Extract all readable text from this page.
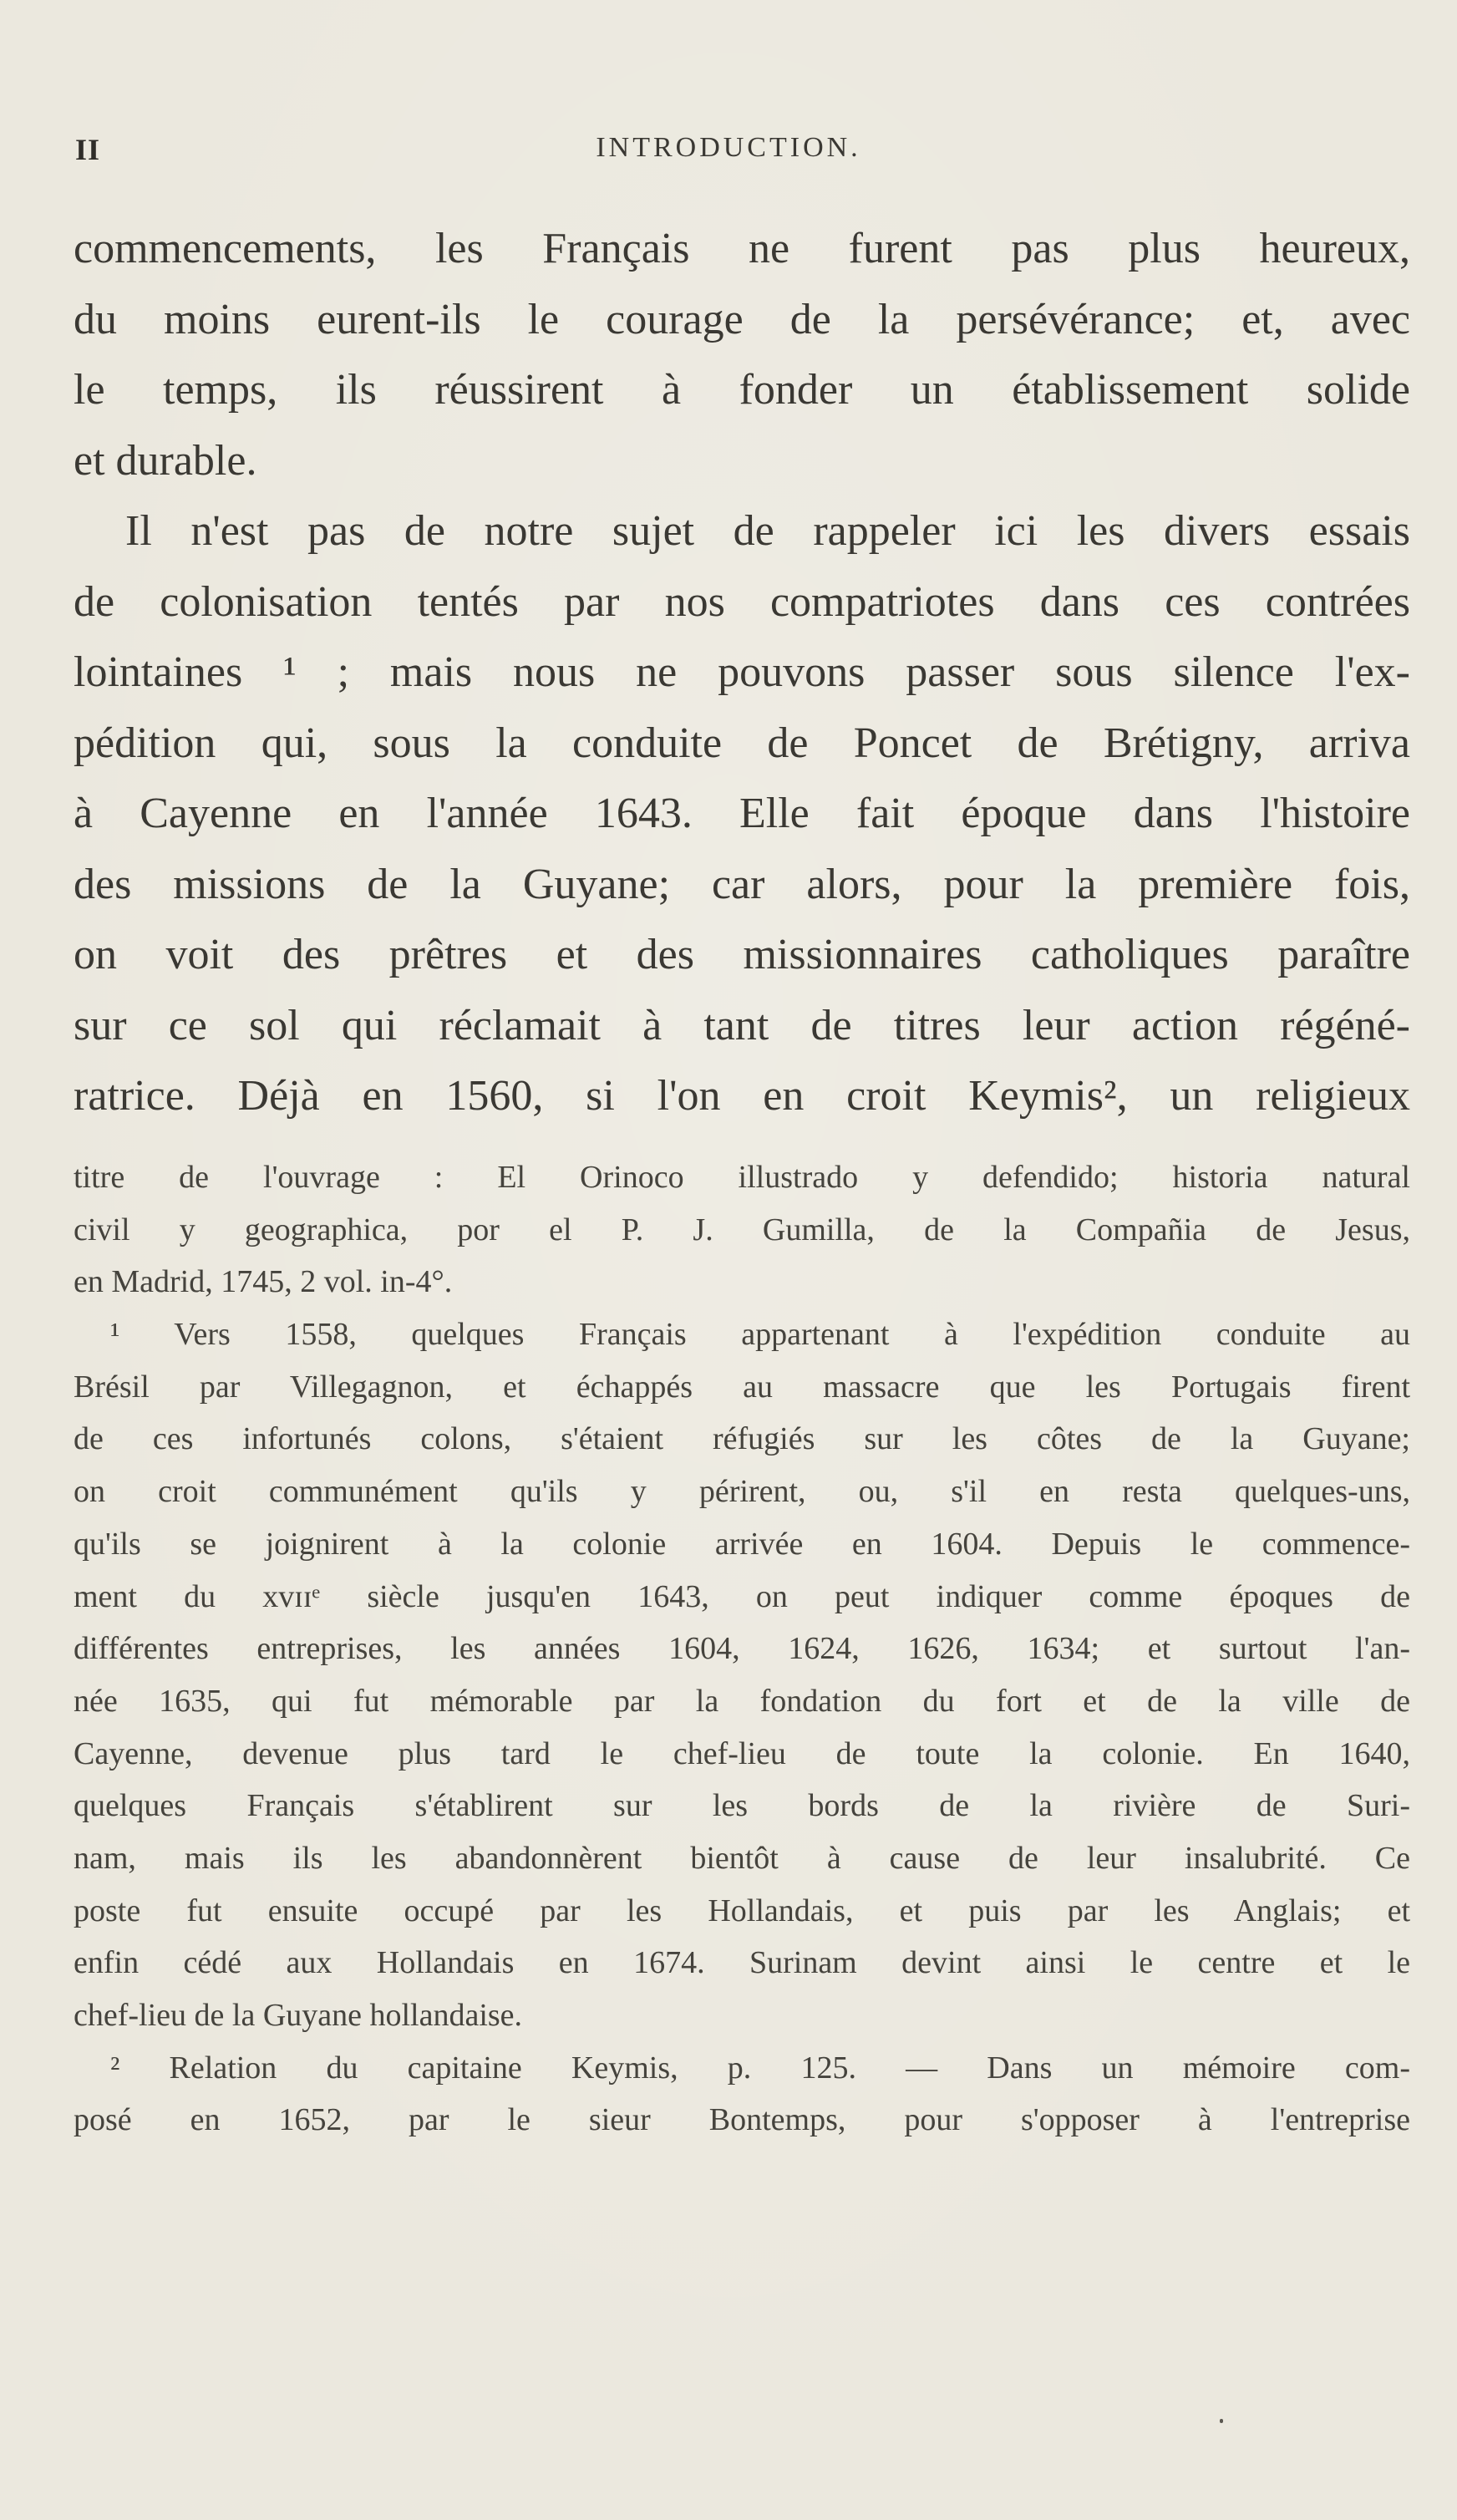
II	INTRODUCTION.
commencements, les Français ne furent pas plus heureux,
du moins eurent-ils le courage de la persévérance; et, avec
le temps, ils réussirent à fonder un établissement solide
et durable.
Il n'est pas de notre sujet de rappeler ici les divers essais
de colonisation tentés par nos compatriotes dans ces contrées
lointaines ¹ ; mais nous ne pouvons passer sous silence l'ex-
pédition qui, sous la conduite de Poncet de Brétigny, arriva
à Cayenne en l'année 1643. Elle fait époque dans l'histoire
des missions de la Guyane; car alors, pour la première fois,
on voit des prêtres et des missionnaires catholiques paraître
sur ce sol qui réclamait à tant de titres leur action régéné-
ratrice. Déjà en 1560, si l'on en croit Keymis², un religieux
titre de l'ouvrage : El Orinoco illustrado y defendido; historia natural
civil y geographica, por el P. J. Gumilla, de la Compañia de Jesus,
en Madrid, 1745, 2 vol. in-4°.
¹ Vers 1558, quelques Français appartenant à l'expédition conduite au
Brésil par Villegagnon, et échappés au massacre que les Portugais firent
de ces infortunés colons, s'étaient réfugiés sur les côtes de la Guyane;
on croit communément qu'ils y périrent, ou, s'il en resta quelques-uns,
qu'ils se joignirent à la colonie arrivée en 1604. Depuis le commence-
ment du xvɪɪᵉ siècle jusqu'en 1643, on peut indiquer comme époques de
différentes entreprises, les années 1604, 1624, 1626, 1634; et surtout l'an-
née 1635, qui fut mémorable par la fondation du fort et de la ville de
Cayenne, devenue plus tard le chef-lieu de toute la colonie. En 1640,
quelques Français s'établirent sur les bords de la rivière de Suri-
nam, mais ils les abandonnèrent bientôt à cause de leur insalubrité. Ce
poste fut ensuite occupé par les Hollandais, et puis par les Anglais; et
enfin cédé aux Hollandais en 1674. Surinam devint ainsi le centre et le
chef-lieu de la Guyane hollandaise.
² Relation du capitaine Keymis, p. 125. — Dans un mémoire com-
posé en 1652, par le sieur Bontemps, pour s'opposer à l'entreprise
